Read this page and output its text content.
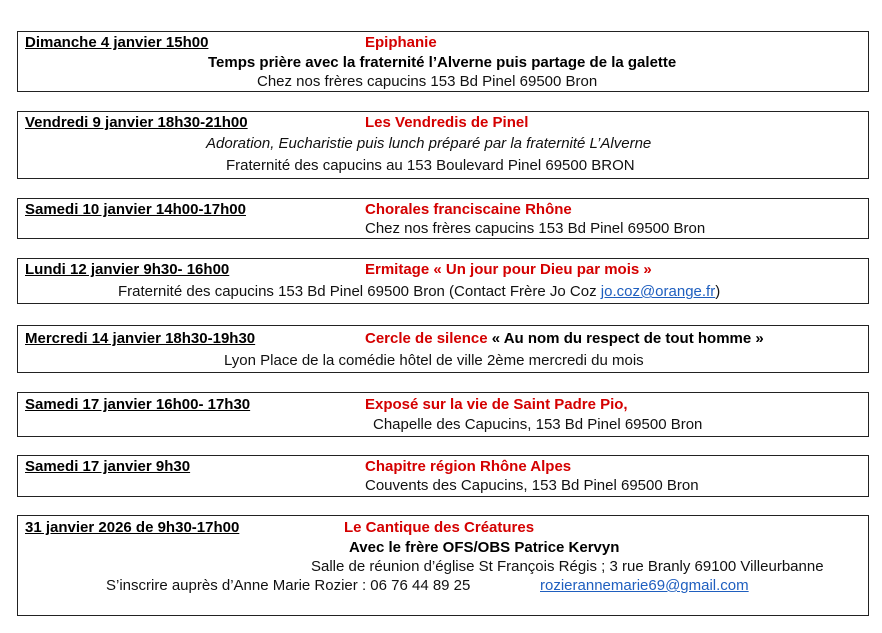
Dimanche 4 janvier 15h00	Epiphanie
Temps prière avec la fraternité l’Alverne puis partage de la galette
Chez nos frères capucins 153 Bd Pinel 69500 Bron
Vendredi 9 janvier 18h30-21h00	Les Vendredis de Pinel
Adoration, Eucharistie puis lunch préparé par la fraternité L’Alverne
Fraternité des capucins au 153 Boulevard Pinel 69500 BRON
Samedi 10 janvier 14h00-17h00	Chorales franciscaine Rhône
Chez nos frères capucins 153 Bd Pinel 69500 Bron
Lundi 12 janvier 9h30- 16h00	Ermitage « Un jour pour Dieu par mois »
Fraternité des capucins 153 Bd Pinel 69500 Bron (Contact Frère Jo Coz jo.coz@orange.fr)
Mercredi 14 janvier 18h30-19h30	Cercle de silence « Au nom du respect de tout homme »
Lyon Place de la comédie hôtel de ville 2ème mercredi du mois
Samedi 17 janvier 16h00- 17h30	Exposé sur la vie de Saint Padre Pio,
Chapelle des Capucins, 153 Bd Pinel 69500 Bron
Samedi 17 janvier 9h30	Chapitre région Rhône Alpes
Couvents des Capucins, 153 Bd Pinel 69500 Bron
31 janvier 2026 de 9h30-17h00	Le Cantique des Créatures
Avec le frère OFS/OBS Patrice Kervyn
Salle de réunion d’église St François Régis ; 3 rue Branly 69100 Villeurbanne
S’inscrire auprès d’Anne Marie Rozier : 06 76 44 89 25	rozierannemarie69@gmail.com
